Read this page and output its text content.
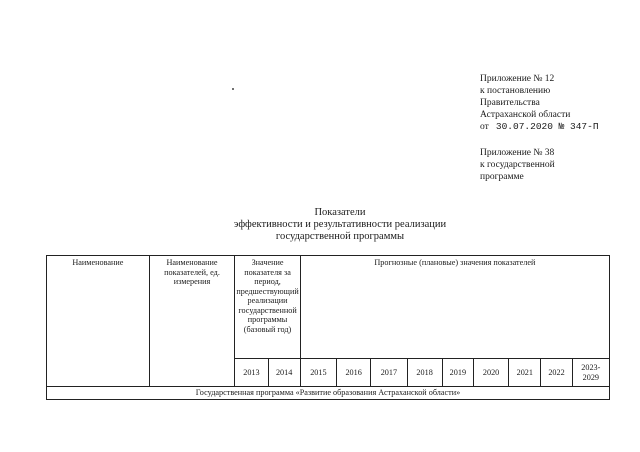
Приложение № 12
к постановлению
Правительства
Астраханской области
от 30.07.2020 № 347-П
Приложение № 38
к государственной
программе
Показатели
эффективности и результативности реализации
государственной программы
Наименование	Наименование показателей, ед. измерения	Значение показателя за период, предшествующий реализации государственной программы (базовый год)		Прогнозные (плановые) значения показателей								
		2013	2014	2015	2016	2017	2018	2019	2020	2021	2022	2023-2029
Государственная программа «Развитие образования Астраханской области»												
